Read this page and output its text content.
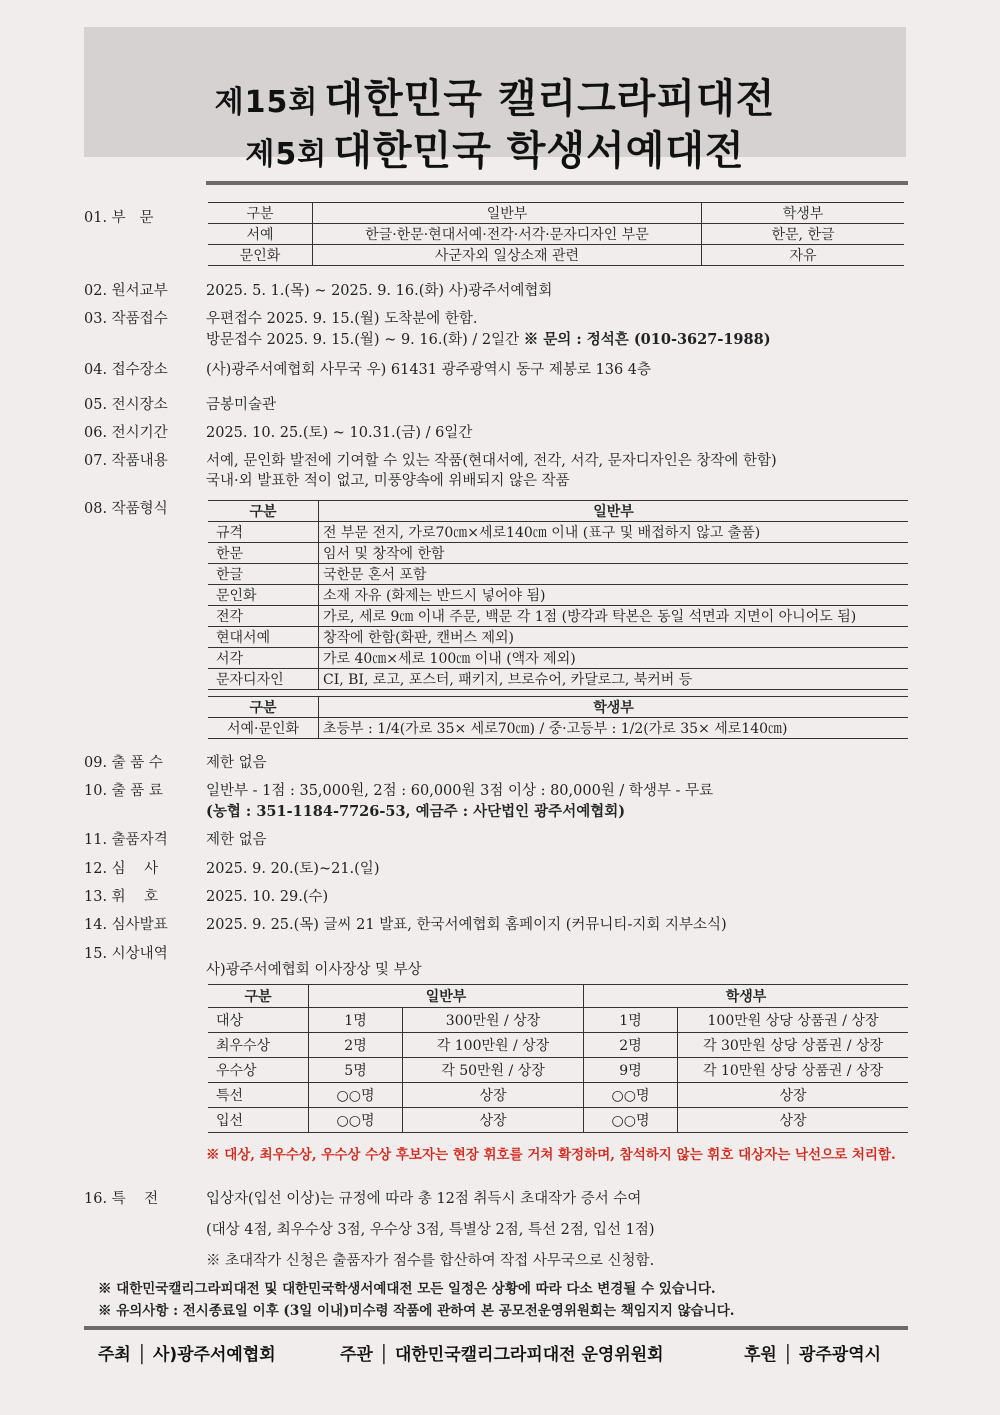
제15회 대한민국 캘리그라피대전
제5회 대한민국 학생서예대전
01. 부   문	구분	일반부	학생부
서예	한글·한문·현대서예·전각·서각·문자디자인 부문	한문, 한글
문인화	사군자외 일상소재 관련	자유
02. 원서교부	2025. 5. 1.(목) ~ 2025. 9. 16.(화) 사)광주서예협회
03. 작품접수	우편접수 2025. 9. 15.(월) 도착분에 한함.
방문접수 2025. 9. 15.(월) ~ 9. 16.(화) / 2일간 ※ 문의 : 정석흔 (010-3627-1988)
04. 접수장소	(사)광주서예협회 사무국 우) 61431 광주광역시 동구 제봉로 136 4층
05. 전시장소	금봉미술관
06. 전시기간	2025. 10. 25.(토) ~ 10.31.(금) / 6일간
07. 작품내용	서예, 문인화 발전에 기여할 수 있는 작품(현대서예, 전각, 서각, 문자디자인은 창작에 한함)
국내·외 발표한 적이 없고, 미풍양속에 위배되지 않은 작품
08. 작품형식	구분	일반부
규격	전 부문 전지, 가로70㎝×세로140㎝ 이내 (표구 및 배접하지 않고 출품)
한문	임서 및 창작에 한함
한글	국한문 혼서 포함
문인화	소재 자유 (화제는 반드시 넣어야 됨)
전각	가로, 세로 9㎝ 이내 주문, 백문 각 1점 (방각과 탁본은 동일 석면과 지면이 아니어도 됨)
현대서예	창작에 한함(화판, 캔버스 제외)
서각	가로 40㎝×세로 100㎝ 이내 (액자 제외)
문자디자인	CI, BI, 로고, 포스터, 패키지, 브로슈어, 카달로그, 북커버 등
구분	학생부
서예·문인화	초등부 : 1/4(가로 35× 세로70㎝) / 중·고등부 : 1/2(가로 35× 세로140㎝)
09. 출 품 수	제한 없음
10. 출 품 료	일반부 - 1점 : 35,000원, 2점 : 60,000원 3점 이상 : 80,000원 / 학생부 - 무료
(농협 : 351-1184-7726-53, 예금주 : 사단법인 광주서예협회)
11. 출품자격	제한 없음
12. 심    사	2025. 9. 20.(토)~21.(일)
13. 휘    호	2025. 10. 29.(수)
14. 심사발표	2025. 9. 25.(목) 글씨 21 발표, 한국서예협회 홈페이지 (커뮤니티-지회 지부소식)
15. 시상내역
사)광주서예협회 이사장상 및 부상
구분	일반부		학생부	
대상	1명	300만원 / 상장	1명	100만원 상당 상품권 / 상장
최우수상	2명	각 100만원 / 상장	2명	각 30만원 상당 상품권 / 상장
우수상	5명	각 50만원 / 상장	9명	각 10만원 상당 상품권 / 상장
특선	○○명	상장	○○명	상장
입선	○○명	상장	○○명	상장
※ 대상, 최우수상, 우수상 수상 후보자는 현장 휘호를 거쳐 확정하며, 참석하지 않는 휘호 대상자는 낙선으로 처리함.
16. 특    전	입상자(입선 이상)는 규정에 따라 총 12점 취득시 초대작가 증서 수여
(대상 4점, 최우수상 3점, 우수상 3점, 특별상 2점, 특선 2점, 입선 1점)
※ 초대작가 신청은 출품자가 점수를 합산하여 작접 사무국으로 신청함.
※ 대한민국캘리그라피대전 및 대한민국학생서예대전 모든 일정은 상황에 따라 다소 변경될 수 있습니다.
※ 유의사항 : 전시종료일 이후 (3일 이내)미수령 작품에 관하여 본 공모전운영위원회는 책임지지 않습니다.
주최 │ 사)광주서예협회	주관 │ 대한민국캘리그라피대전 운영위원회	후원 │ 광주광역시
